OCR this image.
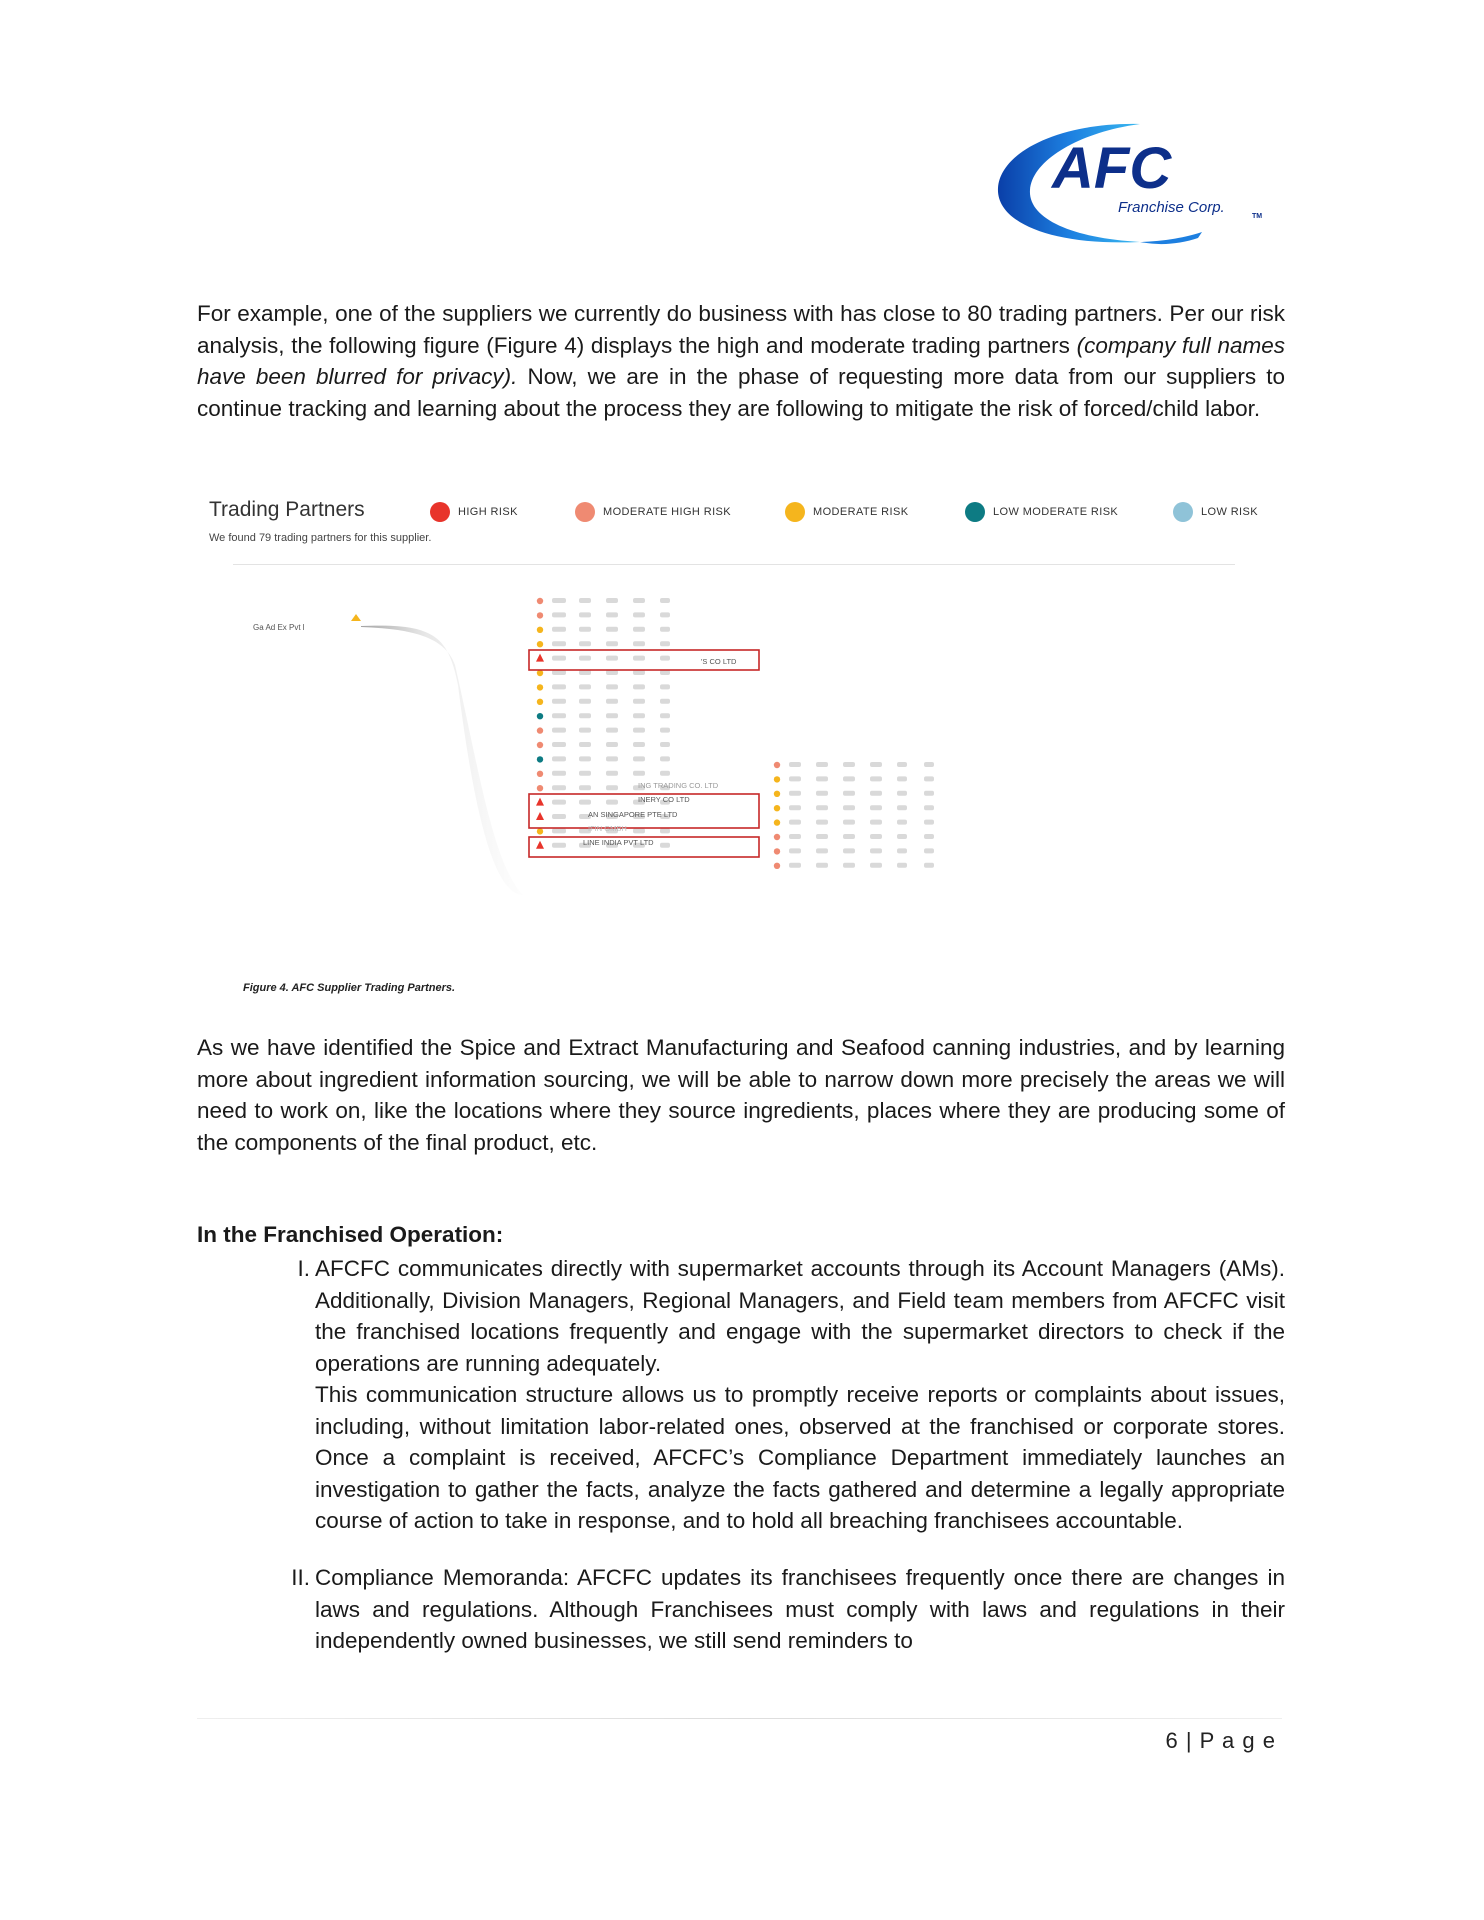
AFC
Franchise Corp.
TM
For example, one of the suppliers we currently do business with has close to 80 trading partners. Per our risk analysis, the following figure (Figure 4) displays the high and moderate trading partners (company full names have been blurred for privacy). Now, we are in the phase of requesting more data from our suppliers to continue tracking and learning about the process they are following to mitigate the risk of forced/child labor.
Trading Partners
We found 79 trading partners for this supplier.
HIGH RISK	MODERATE HIGH RISK	MODERATE RISK	LOW MODERATE RISK	LOW RISK
Ga Ad Ex Pvt l
'S CO LTD
ING TRADING CO. LTD
INERY CO LTD
AN SINGAPORE PTE LTD
IFIN GMBH
LINE INDIA PVT LTD
Figure 4. AFC Supplier Trading Partners.
As we have identified the Spice and Extract Manufacturing and Seafood canning industries, and by learning more about ingredient information sourcing, we will be able to narrow down more precisely the areas we will need to work on, like the locations where they source ingredients, places where they are producing some of the components of the final product, etc.
In the Franchised Operation:
I. AFCFC communicates directly with supermarket accounts through its Account Managers (AMs). Additionally, Division Managers, Regional Managers, and Field team members from AFCFC visit the franchised locations frequently and engage with the supermarket directors to check if the operations are running adequately.
This communication structure allows us to promptly receive reports or complaints about issues, including, without limitation labor-related ones, observed at the franchised or corporate stores. Once a complaint is received, AFCFC’s Compliance Department immediately launches an investigation to gather the facts, analyze the facts gathered and determine a legally appropriate course of action to take in response, and to hold all breaching franchisees accountable.
II. Compliance Memoranda: AFCFC updates its franchisees frequently once there are changes in laws and regulations. Although Franchisees must comply with laws and regulations in their independently owned businesses, we still send reminders to
6 | P a g e
